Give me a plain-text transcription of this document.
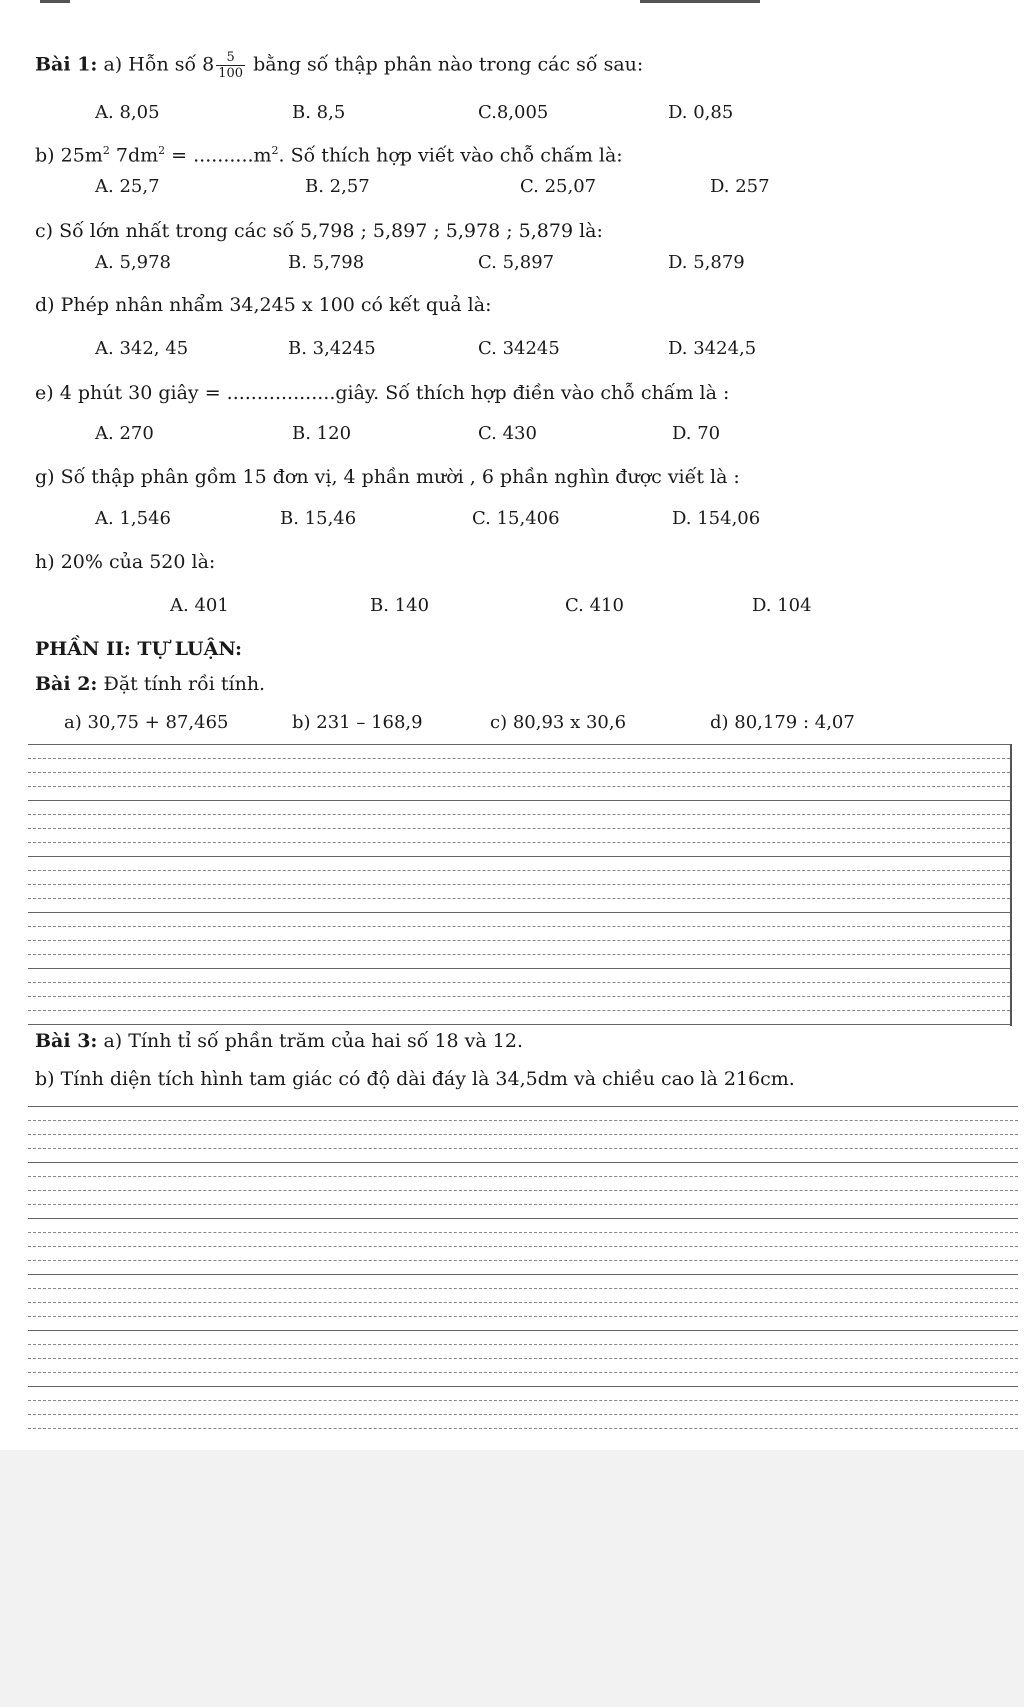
Bài 1: a) Hỗn số $8 \frac{5}{100}$ bằng số thập phân nào trong các số sau:
A. 8,05	B. 8,5	C.8,005	D. 0,85
b) $25m^2$ $7dm^2 = ..........m^2$. Số thích hợp viết vào chỗ chấm là:
A. 25,7	B. 2,57	C. 25,07	D. 257
c) Số lớn nhất trong các số 5,798 ; 5,897 ; 5,978 ; 5,879 là:
A. 5,978	B. 5,798	C. 5,897	D. 5,879
d) Phép nhân nhẩm 34,245 x 100 có kết quả là:
A. 342, 45	B. 3,4245	C. 34245	D. 3424,5
e) 4 phút 30 giây = ..................giây. Số thích hợp điền vào chỗ chấm là :
A. 270	B. 120	C. 430	D. 70
g) Số thập phân gồm 15 đơn vị, 4 phần mười , 6 phần nghìn được viết là :
A. 1,546	B. 15,46	C. 15,406	D. 154,06
h) 20% của 520 là:
A. 401	B. 140	C. 410	D. 104
PHẦN II: TỰ LUẬN:
Bài 2: Đặt tính rồi tính.
a) 30,75 + 87,465	b) 231 – 168,9	c) 80,93 x 30,6	d) 80,179 : 4,07
Bài 3: a) Tính tỉ số phần trăm của hai số 18 và 12.
b) Tính diện tích hình tam giác có độ dài đáy là 34,5dm và chiều cao là 216cm.
